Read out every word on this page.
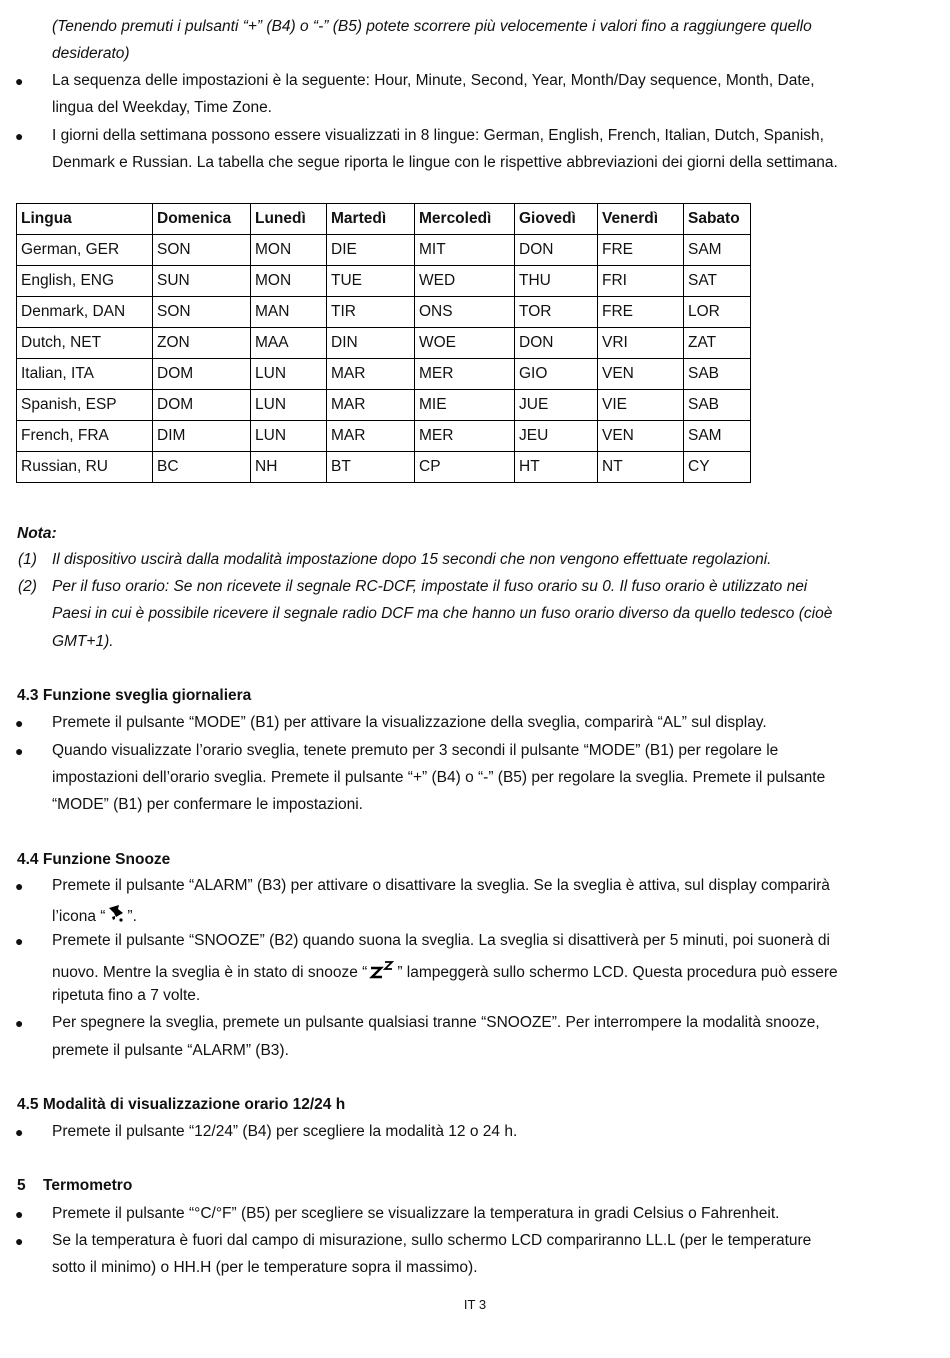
(Tenendo premuti i pulsanti “+” (B4) o “-” (B5) potete scorrere più velocemente i valori fino a raggiungere quello
desiderato)
● La sequenza delle impostazioni è la seguente: Hour, Minute, Second, Year, Month/Day sequence, Month, Date,
lingua del Weekday, Time Zone.
● I giorni della settimana possono essere visualizzati in 8 lingue: German, English, French, Italian, Dutch, Spanish,
Denmark e Russian. La tabella che segue riporta le lingue con le rispettive abbreviazioni dei giorni della settimana.
Lingua	Domenica	Lunedì	Martedì	Mercoledì	Giovedì	Venerdì	Sabato
German, GER	SON	MON	DIE	MIT	DON	FRE	SAM
English, ENG	SUN	MON	TUE	WED	THU	FRI	SAT
Denmark, DAN	SON	MAN	TIR	ONS	TOR	FRE	LOR
Dutch, NET	ZON	MAA	DIN	WOE	DON	VRI	ZAT
Italian, ITA	DOM	LUN	MAR	MER	GIO	VEN	SAB
Spanish, ESP	DOM	LUN	MAR	MIE	JUE	VIE	SAB
French, FRA	DIM	LUN	MAR	MER	JEU	VEN	SAM
Russian, RU	BC	NH	BT	CP	HT	NT	CY
Nota:
(1) Il dispositivo uscirà dalla modalità impostazione dopo 15 secondi che non vengono effettuate regolazioni.
(2) Per il fuso orario: Se non ricevete il segnale RC-DCF, impostate il fuso orario su 0. Il fuso orario è utilizzato nei
Paesi in cui è possibile ricevere il segnale radio DCF ma che hanno un fuso orario diverso da quello tedesco (cioè
GMT+1).
4.3 Funzione sveglia giornaliera
● Premete il pulsante “MODE” (B1) per attivare la visualizzazione della sveglia, comparirà “AL” sul display.
● Quando visualizzate l’orario sveglia, tenete premuto per 3 secondi il pulsante “MODE” (B1) per regolare le
impostazioni dell’orario sveglia. Premete il pulsante “+” (B4) o “-” (B5) per regolare la sveglia. Premete il pulsante
“MODE” (B1) per confermare le impostazioni.
4.4 Funzione Snooze
● Premete il pulsante “ALARM” (B3) per attivare o disattivare la sveglia. Se la sveglia è attiva, sul display comparirà
l’icona “ ”.
● Premete il pulsante “SNOOZE” (B2) quando suona la sveglia. La sveglia si disattiverà per 5 minuti, poi suonerà di
nuovo. Mentre la sveglia è in stato di snooze “ ” lampeggerà sullo schermo LCD. Questa procedura può essere
ripetuta fino a 7 volte.
● Per spegnere la sveglia, premete un pulsante qualsiasi tranne “SNOOZE”. Per interrompere la modalità snooze,
premete il pulsante “ALARM” (B3).
4.5 Modalità di visualizzazione orario 12/24 h
● Premete il pulsante “12/24” (B4) per scegliere la modalità 12 o 24 h.
5 Termometro
● Premete il pulsante “°C/°F” (B5) per scegliere se visualizzare la temperatura in gradi Celsius o Fahrenheit.
● Se la temperatura è fuori dal campo di misurazione, sullo schermo LCD compariranno LL.L (per le temperature
sotto il minimo) o HH.H (per le temperature sopra il massimo).
IT 3
